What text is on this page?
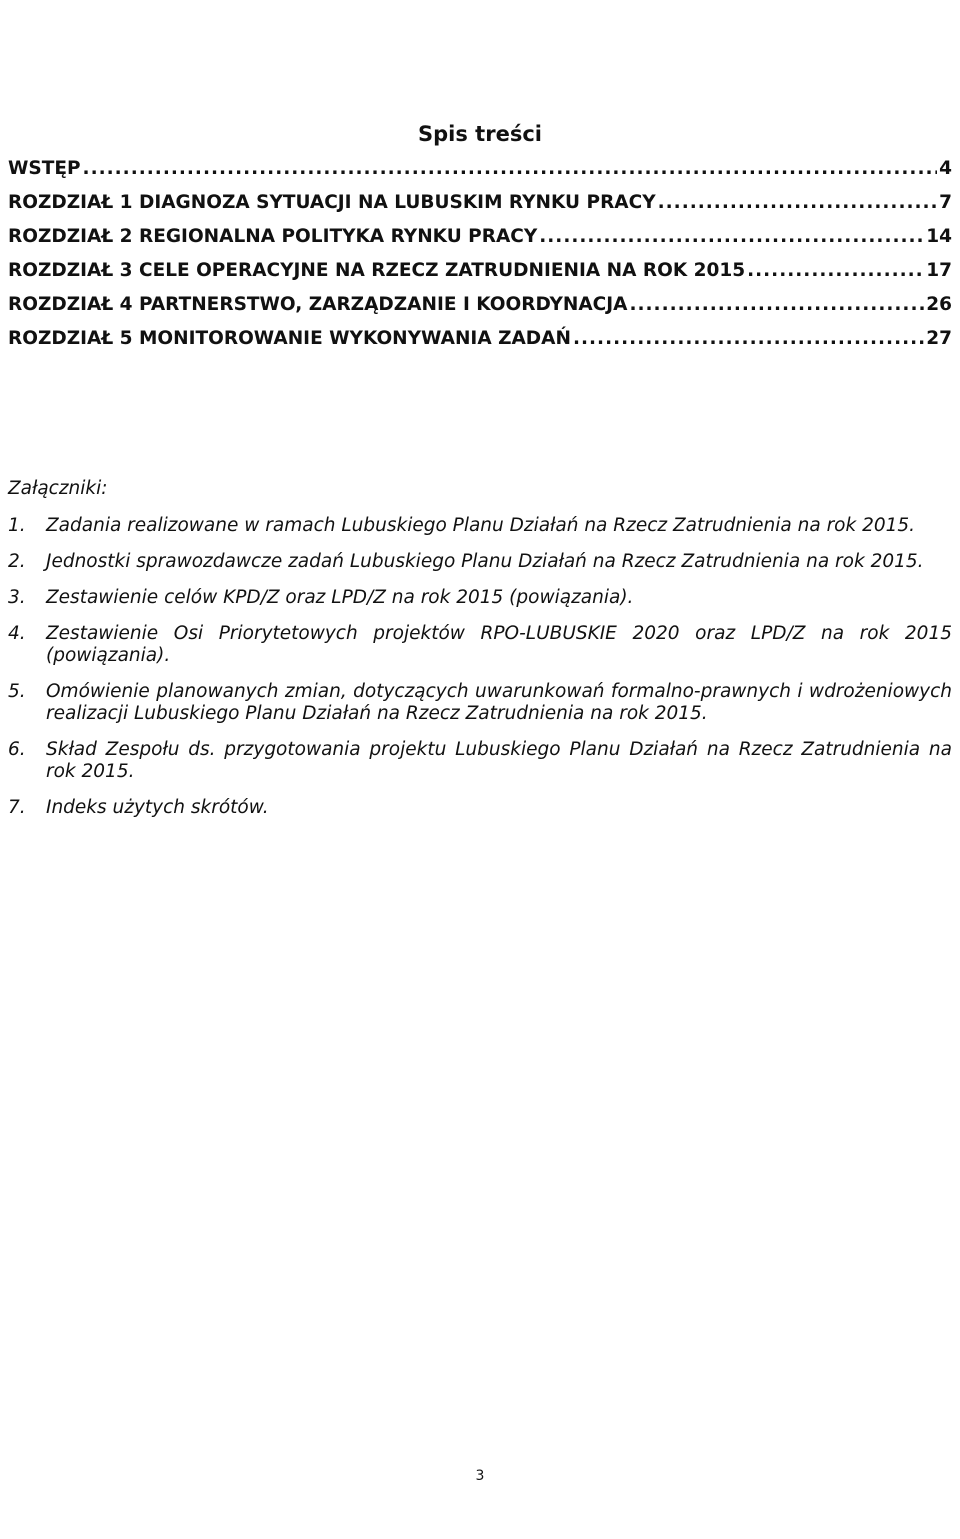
Spis treści
WSTĘP .....	4
ROZDZIAŁ 1 DIAGNOZA SYTUACJI NA LUBUSKIM RYNKU PRACY .....	7
ROZDZIAŁ 2 REGIONALNA POLITYKA RYNKU PRACY .....	14
ROZDZIAŁ 3 CELE OPERACYJNE NA RZECZ ZATRUDNIENIA NA ROK 2015 .....	17
ROZDZIAŁ 4 PARTNERSTWO, ZARZĄDZANIE I KOORDYNACJA .....	26
ROZDZIAŁ 5 MONITOROWANIE WYKONYWANIA ZADAŃ .....	27
Załączniki:
1.	Zadania realizowane w ramach Lubuskiego Planu Działań na Rzecz Zatrudnienia na rok 2015.
2.	Jednostki sprawozdawcze zadań Lubuskiego Planu Działań na Rzecz Zatrudnienia na rok 2015.
3.	Zestawienie celów KPD/Z oraz LPD/Z na rok 2015 (powiązania).
4.	Zestawienie Osi Priorytetowych projektów RPO-LUBUSKIE 2020 oraz LPD/Z na rok 2015 (powiązania).
5.	Omówienie planowanych zmian, dotyczących uwarunkowań formalno-prawnych i wdrożeniowych realizacji Lubuskiego Planu Działań na Rzecz Zatrudnienia na rok 2015.
6.	Skład Zespołu ds. przygotowania projektu Lubuskiego Planu Działań na Rzecz Zatrudnienia na rok 2015.
7.	Indeks użytych skrótów.
3
